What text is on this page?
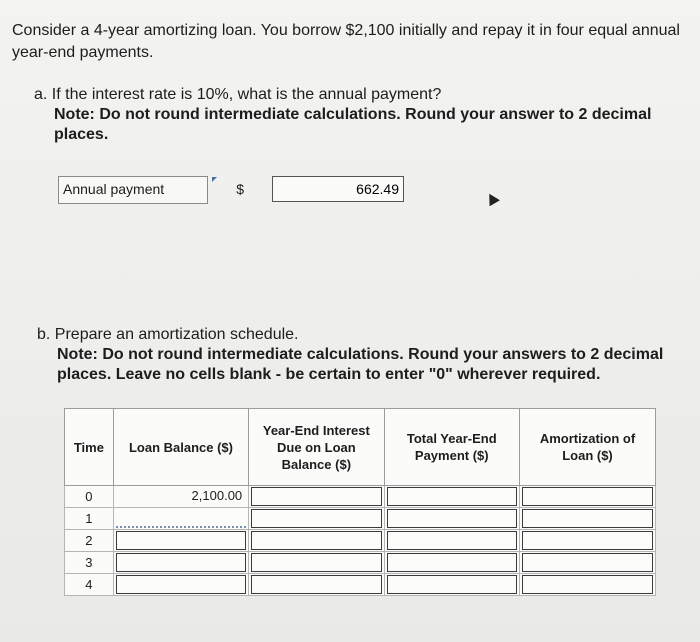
Consider a 4-year amortizing loan. You borrow $2,100 initially and repay it in four equal annual year-end payments.
a. If the interest rate is 10%, what is the annual payment?
Note: Do not round intermediate calculations. Round your answer to 2 decimal places.
Annual payment	$
662.49
b. Prepare an amortization schedule.
Note: Do not round intermediate calculations. Round your answers to 2 decimal places. Leave no cells blank - be certain to enter "0" wherever required.
Time	Loan Balance ($)	Year-End Interest Due on Loan Balance ($)	Total Year-End Payment ($)	Amortization of Loan ($)
0	2,100.00			

1	

2	

3	

4	
